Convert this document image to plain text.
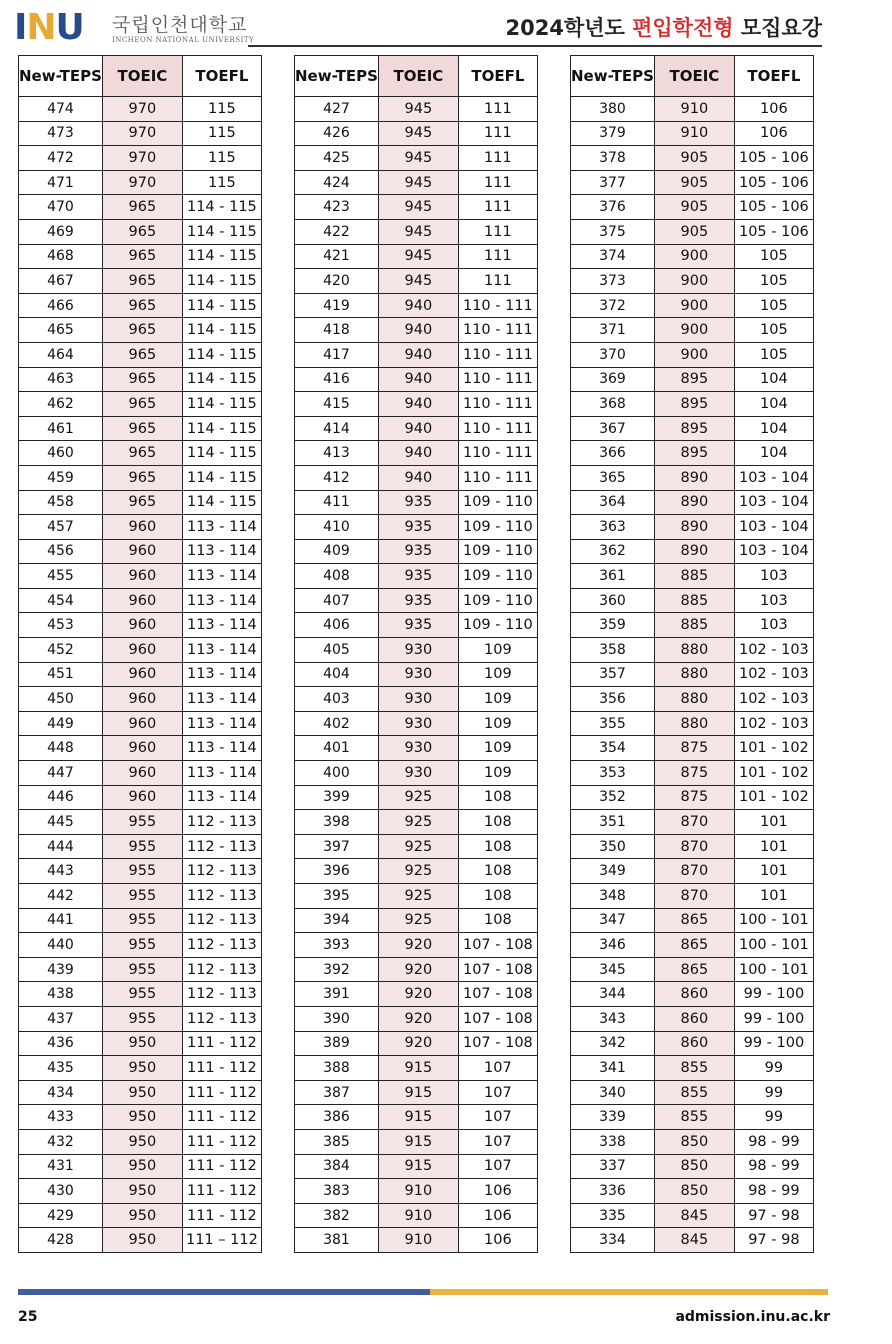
INU 국립인천대학교
INCHEON NATIONAL UNIVERSITY	2024학년도 편입학전형 모집요강
New-TEPS	TOEIC	TOEFL
474	970	115
473	970	115
472	970	115
471	970	115
470	965	114 - 115
469	965	114 - 115
468	965	114 - 115
467	965	114 - 115
466	965	114 - 115
465	965	114 - 115
464	965	114 - 115
463	965	114 - 115
462	965	114 - 115
461	965	114 - 115
460	965	114 - 115
459	965	114 - 115
458	965	114 - 115
457	960	113 - 114
456	960	113 - 114
455	960	113 - 114
454	960	113 - 114
453	960	113 - 114
452	960	113 - 114
451	960	113 - 114
450	960	113 - 114
449	960	113 - 114
448	960	113 - 114
447	960	113 - 114
446	960	113 - 114
445	955	112 - 113
444	955	112 - 113
443	955	112 - 113
442	955	112 - 113
441	955	112 - 113
440	955	112 - 113
439	955	112 - 113
438	955	112 - 113
437	955	112 - 113
436	950	111 - 112
435	950	111 - 112
434	950	111 - 112
433	950	111 - 112
432	950	111 - 112
431	950	111 - 112
430	950	111 - 112
429	950	111 - 112
428	950	111 – 112
New-TEPS	TOEIC	TOEFL
427	945	111
426	945	111
425	945	111
424	945	111
423	945	111
422	945	111
421	945	111
420	945	111
419	940	110 - 111
418	940	110 - 111
417	940	110 - 111
416	940	110 - 111
415	940	110 - 111
414	940	110 - 111
413	940	110 - 111
412	940	110 - 111
411	935	109 - 110
410	935	109 - 110
409	935	109 - 110
408	935	109 - 110
407	935	109 - 110
406	935	109 - 110
405	930	109
404	930	109
403	930	109
402	930	109
401	930	109
400	930	109
399	925	108
398	925	108
397	925	108
396	925	108
395	925	108
394	925	108
393	920	107 - 108
392	920	107 - 108
391	920	107 - 108
390	920	107 - 108
389	920	107 - 108
388	915	107
387	915	107
386	915	107
385	915	107
384	915	107
383	910	106
382	910	106
381	910	106
New-TEPS	TOEIC	TOEFL
380	910	106
379	910	106
378	905	105 - 106
377	905	105 - 106
376	905	105 - 106
375	905	105 - 106
374	900	105
373	900	105
372	900	105
371	900	105
370	900	105
369	895	104
368	895	104
367	895	104
366	895	104
365	890	103 - 104
364	890	103 - 104
363	890	103 - 104
362	890	103 - 104
361	885	103
360	885	103
359	885	103
358	880	102 - 103
357	880	102 - 103
356	880	102 - 103
355	880	102 - 103
354	875	101 - 102
353	875	101 - 102
352	875	101 - 102
351	870	101
350	870	101
349	870	101
348	870	101
347	865	100 - 101
346	865	100 - 101
345	865	100 - 101
344	860	99 - 100
343	860	99 - 100
342	860	99 - 100
341	855	99
340	855	99
339	855	99
338	850	98 - 99
337	850	98 - 99
336	850	98 - 99
335	845	97 - 98
334	845	97 - 98
25	admission.inu.ac.kr
